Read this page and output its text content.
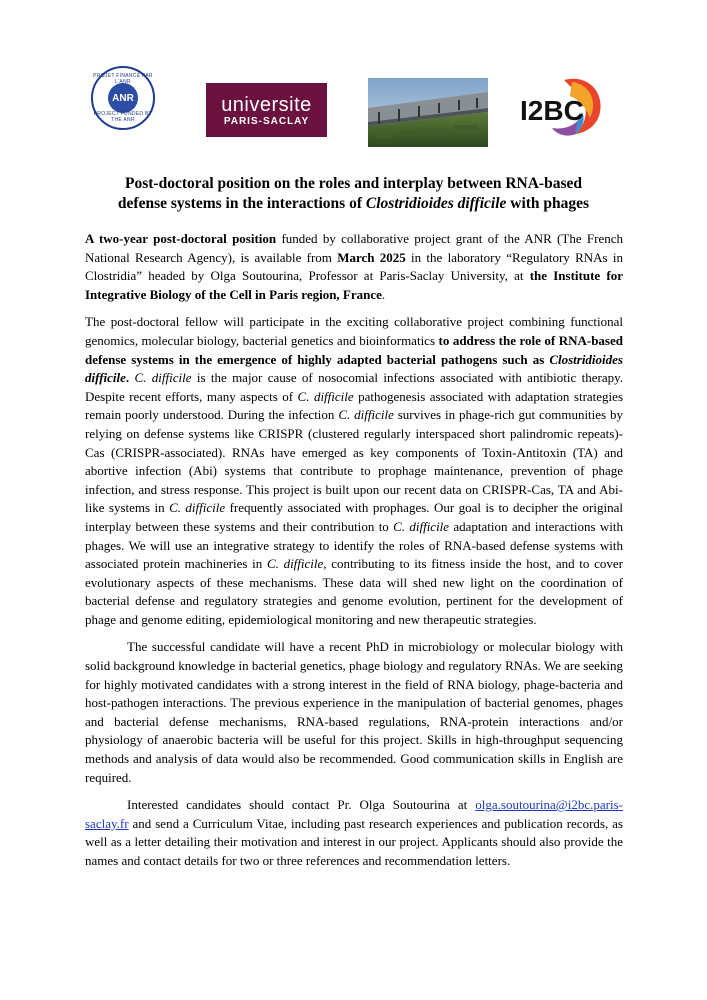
PROJET FINANCÉ PAR L'ANR
ANR
PROJECT FUNDED BY THE ANR
universite
PARIS-SACLAY	I2BC
Post-doctoral position on the roles and interplay between RNA-based
defense systems in the interactions of Clostridioides difficile with phages

A two-year post-doctoral position funded by collaborative project grant of the ANR (The French National Research Agency), is available from March 2025 in the laboratory “Regulatory RNAs in Clostridia” headed by Olga Soutourina, Professor at Paris-Saclay University, at the Institute for Integrative Biology of the Cell in Paris region, France.

The post-doctoral fellow will participate in the exciting collaborative project combining functional genomics, molecular biology, bacterial genetics and bioinformatics to address the role of RNA-based defense systems in the emergence of highly adapted bacterial pathogens such as Clostridioides difficile. C. difficile is the major cause of nosocomial infections associated with antibiotic therapy. Despite recent efforts, many aspects of C. difficile pathogenesis associated with adaptation strategies remain poorly understood. During the infection C. difficile survives in phage-rich gut communities by relying on defense systems like CRISPR (clustered regularly interspaced short palindromic repeats)-Cas (CRISPR-associated). RNAs have emerged as key components of Toxin-Antitoxin (TA) and abortive infection (Abi) systems that contribute to prophage maintenance, prevention of phage infection, and stress response. This project is built upon our recent data on CRISPR-Cas, TA and Abi-like systems in C. difficile frequently associated with prophages. Our goal is to decipher the original interplay between these systems and their contribution to C. difficile adaptation and interactions with phages. We will use an integrative strategy to identify the roles of RNA-based defense systems with associated protein machineries in C. difficile, contributing to its fitness inside the host, and to cover evolutionary aspects of these mechanisms. These data will shed new light on the coordination of bacterial defense and regulatory strategies and genome evolution, pertinent for the development of phage and genome editing, epidemiological monitoring and new therapeutic strategies.

The successful candidate will have a recent PhD in microbiology or molecular biology with solid background knowledge in bacterial genetics, phage biology and regulatory RNAs. We are seeking for highly motivated candidates with a strong interest in the field of RNA biology, phage-bacteria and host-pathogen interactions. The previous experience in the manipulation of bacterial genomes, phages and bacterial defense mechanisms, RNA-based regulations, RNA-protein interactions and/or physiology of anaerobic bacteria will be useful for this project. Skills in high-throughput sequencing methods and analysis of data would also be recommended. Good communication skills in English are required.

Interested candidates should contact Pr. Olga Soutourina at olga.soutourina@i2bc.paris-saclay.fr and send a Curriculum Vitae, including past research experiences and publication records, as well as a letter detailing their motivation and interest in our project. Applicants should also provide the names and contact details for two or three references and recommendation letters.
